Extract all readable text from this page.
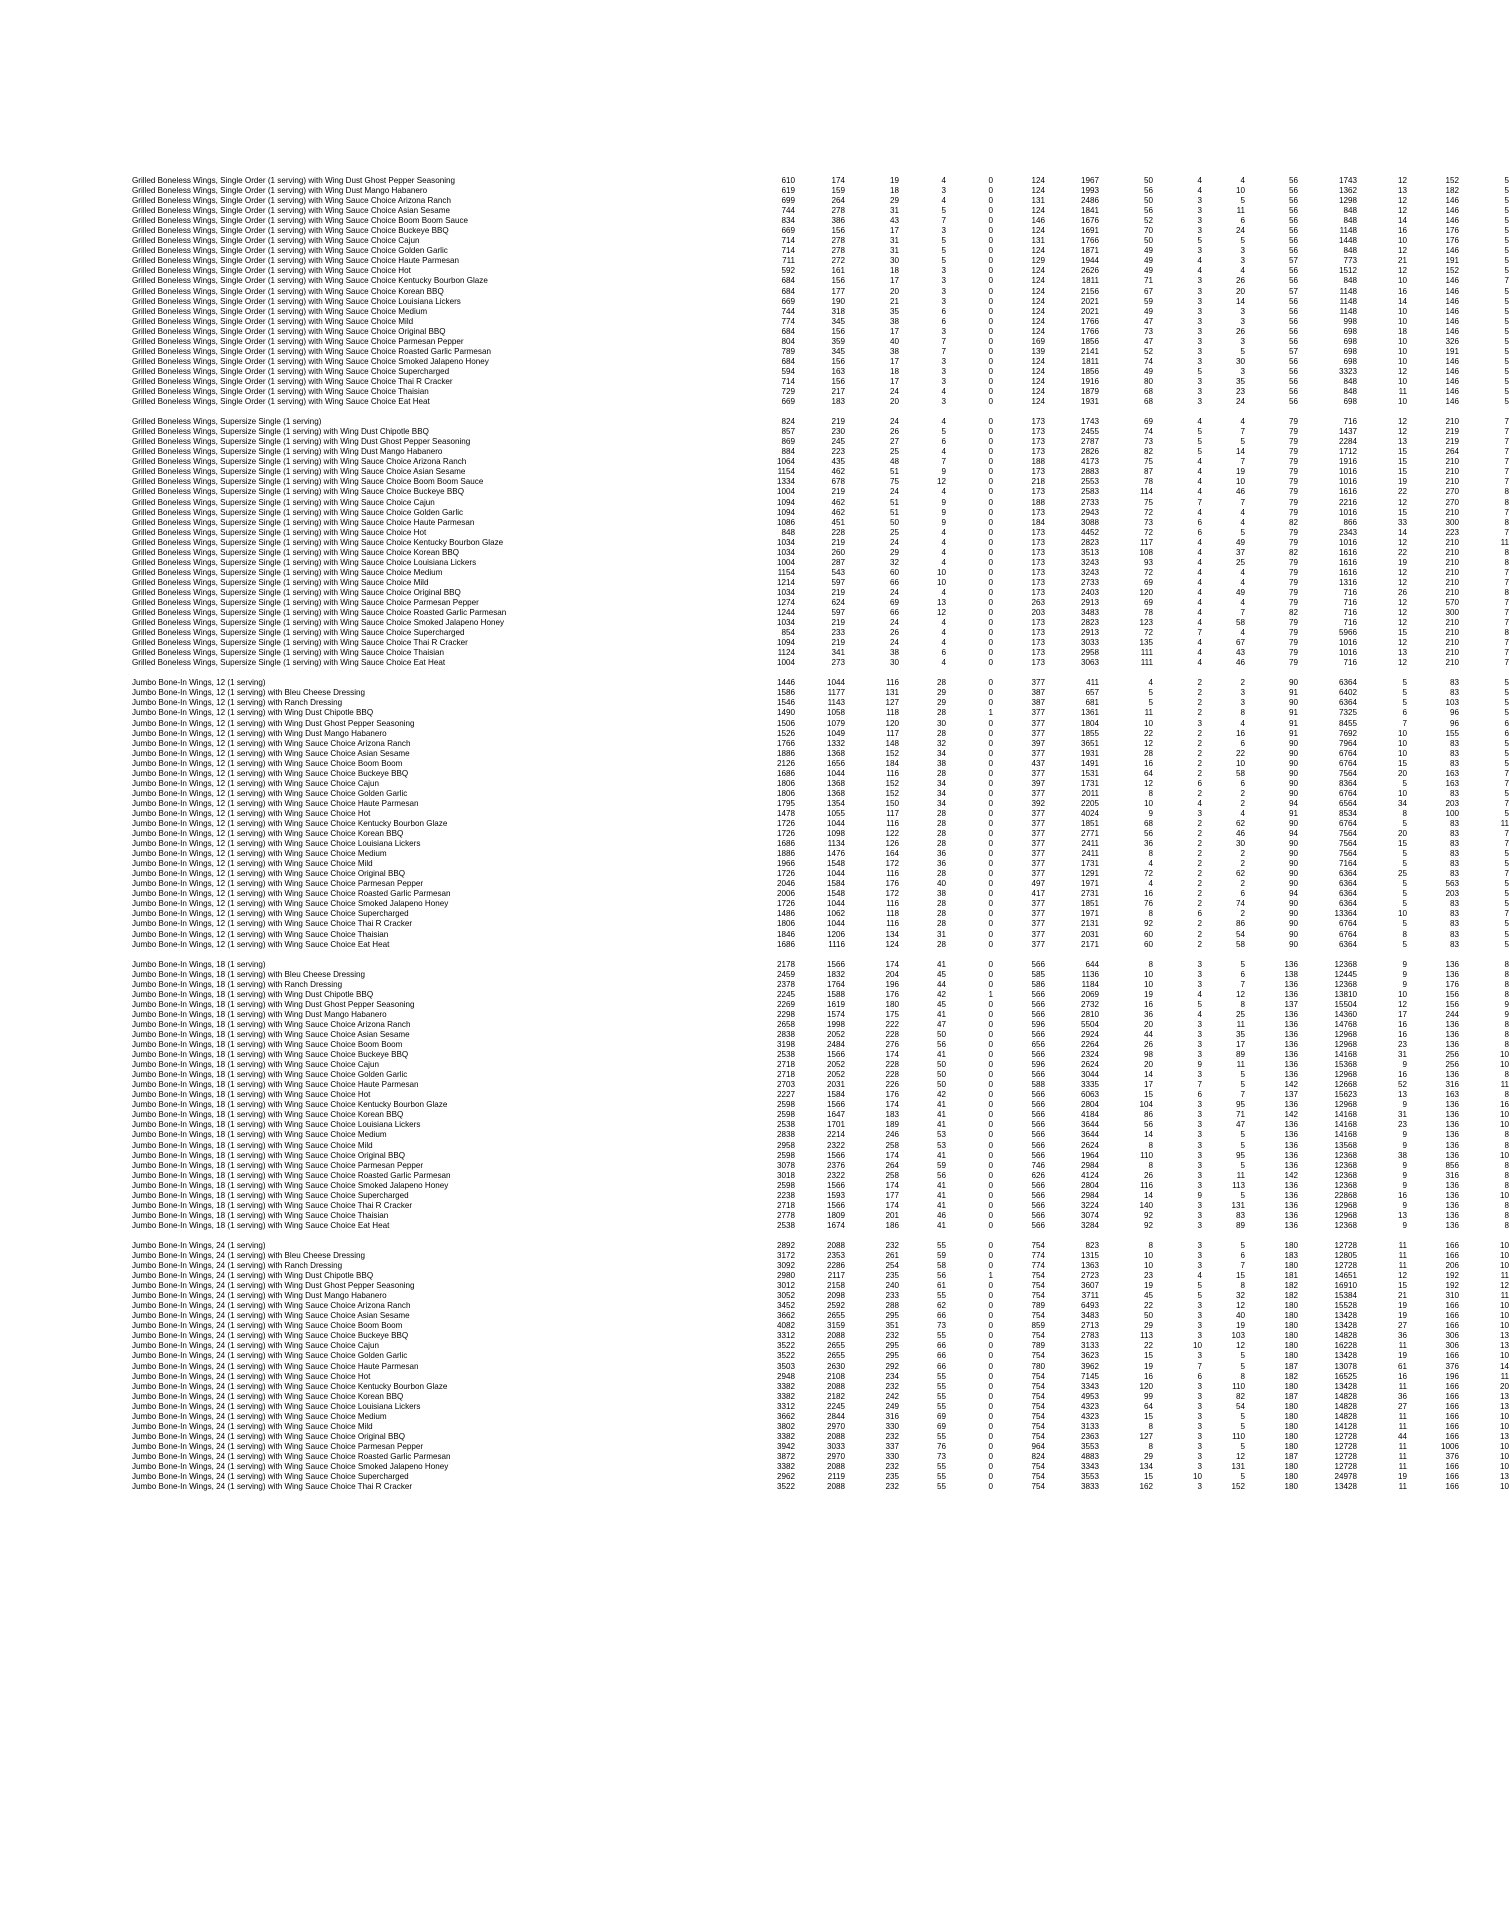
Grilled Boneless Wings, Single Order (1 serving) with Wing Dust Ghost Pepper Seasoning	610	174	19	4	0	124	1967	50	4	4	56	1743	12	152	5
Grilled Boneless Wings, Single Order (1 serving) with Wing Dust Mango Habanero	619	159	18	3	0	124	1993	56	4	10	56	1362	13	182	5
Grilled Boneless Wings, Single Order (1 serving) with Wing Sauce Choice Arizona Ranch	699	264	29	4	0	131	2486	50	3	5	56	1298	12	146	5
Grilled Boneless Wings, Single Order (1 serving) with Wing Sauce Choice Asian Sesame	744	278	31	5	0	124	1841	56	3	11	56	848	12	146	5
Grilled Boneless Wings, Single Order (1 serving) with Wing Sauce Choice Boom Boom Sauce	834	386	43	7	0	146	1676	52	3	6	56	848	14	146	5
Grilled Boneless Wings, Single Order (1 serving) with Wing Sauce Choice Buckeye BBQ	669	156	17	3	0	124	1691	70	3	24	56	1148	16	176	5
Grilled Boneless Wings, Single Order (1 serving) with Wing Sauce Choice Cajun	714	278	31	5	0	131	1766	50	5	5	56	1448	10	176	5
Grilled Boneless Wings, Single Order (1 serving) with Wing Sauce Choice Golden Garlic	714	278	31	5	0	124	1871	49	3	3	56	848	12	146	5
Grilled Boneless Wings, Single Order (1 serving) with Wing Sauce Choice Haute Parmesan	711	272	30	5	0	129	1944	49	4	3	57	773	21	191	5
Grilled Boneless Wings, Single Order (1 serving) with Wing Sauce Choice Hot	592	161	18	3	0	124	2626	49	4	4	56	1512	12	152	5
Grilled Boneless Wings, Single Order (1 serving) with Wing Sauce Choice Kentucky Bourbon Glaze	684	156	17	3	0	124	1811	71	3	26	56	848	10	146	7
Grilled Boneless Wings, Single Order (1 serving) with Wing Sauce Choice Korean BBQ	684	177	20	3	0	124	2156	67	3	20	57	1148	16	146	5
Grilled Boneless Wings, Single Order (1 serving) with Wing Sauce Choice Louisiana Lickers	669	190	21	3	0	124	2021	59	3	14	56	1148	14	146	5
Grilled Boneless Wings, Single Order (1 serving) with Wing Sauce Choice Medium	744	318	35	6	0	124	2021	49	3	3	56	1148	10	146	5
Grilled Boneless Wings, Single Order (1 serving) with Wing Sauce Choice Mild	774	345	38	6	0	124	1766	47	3	3	56	998	10	146	5
Grilled Boneless Wings, Single Order (1 serving) with Wing Sauce Choice Original BBQ	684	156	17	3	0	124	1766	73	3	26	56	698	18	146	5
Grilled Boneless Wings, Single Order (1 serving) with Wing Sauce Choice Parmesan Pepper	804	359	40	7	0	169	1856	47	3	3	56	698	10	326	5
Grilled Boneless Wings, Single Order (1 serving) with Wing Sauce Choice Roasted Garlic Parmesan	789	345	38	7	0	139	2141	52	3	5	57	698	10	191	5
Grilled Boneless Wings, Single Order (1 serving) with Wing Sauce Choice Smoked Jalapeno Honey	684	156	17	3	0	124	1811	74	3	30	56	698	10	146	5
Grilled Boneless Wings, Single Order (1 serving) with Wing Sauce Choice Supercharged	594	163	18	3	0	124	1856	49	5	3	56	3323	12	146	5
Grilled Boneless Wings, Single Order (1 serving) with Wing Sauce Choice Thai R Cracker	714	156	17	3	0	124	1916	80	3	35	56	848	10	146	5
Grilled Boneless Wings, Single Order (1 serving) with Wing Sauce Choice Thaisian	729	217	24	4	0	124	1879	68	3	23	56	848	11	146	5
Grilled Boneless Wings, Single Order (1 serving) with Wing Sauce Choice Eat Heat	669	183	20	3	0	124	1931	68	3	24	56	698	10	146	5
Grilled Boneless Wings, Supersize Single (1 serving)	824	219	24	4	0	173	1743	69	4	4	79	716	12	210	7
Grilled Boneless Wings, Supersize Single (1 serving) with Wing Dust Chipotle BBQ	857	230	26	5	0	173	2455	74	5	7	79	1437	12	219	7
Grilled Boneless Wings, Supersize Single (1 serving) with Wing Dust Ghost Pepper Seasoning	869	245	27	6	0	173	2787	73	5	5	79	2284	13	219	7
Grilled Boneless Wings, Supersize Single (1 serving) with Wing Dust Mango Habanero	884	223	25	4	0	173	2826	82	5	14	79	1712	15	264	7
Grilled Boneless Wings, Supersize Single (1 serving) with Wing Sauce Choice Arizona Ranch	1064	435	48	7	0	188	4173	75	4	7	79	1916	15	210	7
Grilled Boneless Wings, Supersize Single (1 serving) with Wing Sauce Choice Asian Sesame	1154	462	51	9	0	173	2883	87	4	19	79	1016	15	210	7
Grilled Boneless Wings, Supersize Single (1 serving) with Wing Sauce Choice Boom Boom Sauce	1334	678	75	12	0	218	2553	78	4	10	79	1016	19	210	7
Grilled Boneless Wings, Supersize Single (1 serving) with Wing Sauce Choice Buckeye BBQ	1004	219	24	4	0	173	2583	114	4	46	79	1616	22	270	8
Grilled Boneless Wings, Supersize Single (1 serving) with Wing Sauce Choice Cajun	1094	462	51	9	0	188	2733	75	7	7	79	2216	12	270	8
Grilled Boneless Wings, Supersize Single (1 serving) with Wing Sauce Choice Golden Garlic	1094	462	51	9	0	173	2943	72	4	4	79	1016	15	210	7
Grilled Boneless Wings, Supersize Single (1 serving) with Wing Sauce Choice Haute Parmesan	1086	451	50	9	0	184	3088	73	6	4	82	866	33	300	8
Grilled Boneless Wings, Supersize Single (1 serving) with Wing Sauce Choice Hot	848	228	25	4	0	173	4452	72	6	5	79	2343	14	223	7
Grilled Boneless Wings, Supersize Single (1 serving) with Wing Sauce Choice Kentucky Bourbon Glaze	1034	219	24	4	0	173	2823	117	4	49	79	1016	12	210	11
Grilled Boneless Wings, Supersize Single (1 serving) with Wing Sauce Choice Korean BBQ	1034	260	29	4	0	173	3513	108	4	37	82	1616	22	210	8
Grilled Boneless Wings, Supersize Single (1 serving) with Wing Sauce Choice Louisiana Lickers	1004	287	32	4	0	173	3243	93	4	25	79	1616	19	210	8
Grilled Boneless Wings, Supersize Single (1 serving) with Wing Sauce Choice Medium	1154	543	60	10	0	173	3243	72	4	4	79	1616	12	210	7
Grilled Boneless Wings, Supersize Single (1 serving) with Wing Sauce Choice Mild	1214	597	66	10	0	173	2733	69	4	4	79	1316	12	210	7
Grilled Boneless Wings, Supersize Single (1 serving) with Wing Sauce Choice Original BBQ	1034	219	24	4	0	173	2403	120	4	49	79	716	26	210	8
Grilled Boneless Wings, Supersize Single (1 serving) with Wing Sauce Choice Parmesan Pepper	1274	624	69	13	0	263	2913	69	4	4	79	716	12	570	7
Grilled Boneless Wings, Supersize Single (1 serving) with Wing Sauce Choice Roasted Garlic Parmesan	1244	597	66	12	0	203	3483	78	4	7	82	716	12	300	7
Grilled Boneless Wings, Supersize Single (1 serving) with Wing Sauce Choice Smoked Jalapeno Honey	1034	219	24	4	0	173	2823	123	4	58	79	716	12	210	7
Grilled Boneless Wings, Supersize Single (1 serving) with Wing Sauce Choice Supercharged	854	233	26	4	0	173	2913	72	7	4	79	5966	15	210	8
Grilled Boneless Wings, Supersize Single (1 serving) with Wing Sauce Choice Thai R Cracker	1094	219	24	4	0	173	3033	135	4	67	79	1016	12	210	7
Grilled Boneless Wings, Supersize Single (1 serving) with Wing Sauce Choice Thaisian	1124	341	38	6	0	173	2958	111	4	43	79	1016	13	210	7
Grilled Boneless Wings, Supersize Single (1 serving) with Wing Sauce Choice Eat Heat	1004	273	30	4	0	173	3063	111	4	46	79	716	12	210	7
Jumbo Bone-In Wings, 12 (1 serving)	1446	1044	116	28	0	377	411	4	2	2	90	6364	5	83	5
Jumbo Bone-In Wings, 12 (1 serving) with Bleu Cheese Dressing	1586	1177	131	29	0	387	657	5	2	3	91	6402	5	83	5
Jumbo Bone-In Wings, 12 (1 serving) with Ranch Dressing	1546	1143	127	29	0	387	681	5	2	3	90	6364	5	103	5
Jumbo Bone-In Wings, 12 (1 serving) with Wing Dust Chipotle BBQ	1490	1058	118	28	1	377	1361	11	2	8	91	7325	6	96	5
Jumbo Bone-In Wings, 12 (1 serving) with Wing Dust Ghost Pepper Seasoning	1506	1079	120	30	0	377	1804	10	3	4	91	8455	7	96	6
Jumbo Bone-In Wings, 12 (1 serving) with Wing Dust Mango Habanero	1526	1049	117	28	0	377	1855	22	2	16	91	7692	10	155	6
Jumbo Bone-In Wings, 12 (1 serving) with Wing Sauce Choice Arizona Ranch	1766	1332	148	32	0	397	3651	12	2	6	90	7964	10	83	5
Jumbo Bone-In Wings, 12 (1 serving) with Wing Sauce Choice Asian Sesame	1886	1368	152	34	0	377	1931	28	2	22	90	6764	10	83	5
Jumbo Bone-In Wings, 12 (1 serving) with Wing Sauce Choice Boom Boom	2126	1656	184	38	0	437	1491	16	2	10	90	6764	15	83	5
Jumbo Bone-In Wings, 12 (1 serving) with Wing Sauce Choice Buckeye BBQ	1686	1044	116	28	0	377	1531	64	2	58	90	7564	20	163	7
Jumbo Bone-In Wings, 12 (1 serving) with Wing Sauce Choice Cajun	1806	1368	152	34	0	397	1731	12	6	6	90	8364	5	163	7
Jumbo Bone-In Wings, 12 (1 serving) with Wing Sauce Choice Golden Garlic	1806	1368	152	34	0	377	2011	8	2	2	90	6764	10	83	5
Jumbo Bone-In Wings, 12 (1 serving) with Wing Sauce Choice Haute Parmesan	1795	1354	150	34	0	392	2205	10	4	2	94	6564	34	203	7
Jumbo Bone-In Wings, 12 (1 serving) with Wing Sauce Choice Hot	1478	1055	117	28	0	377	4024	9	3	4	91	8534	8	100	5
Jumbo Bone-In Wings, 12 (1 serving) with Wing Sauce Choice Kentucky Bourbon Glaze	1726	1044	116	28	0	377	1851	68	2	62	90	6764	5	83	11
Jumbo Bone-In Wings, 12 (1 serving) with Wing Sauce Choice Korean BBQ	1726	1098	122	28	0	377	2771	56	2	46	94	7564	20	83	7
Jumbo Bone-In Wings, 12 (1 serving) with Wing Sauce Choice Louisiana Lickers	1686	1134	126	28	0	377	2411	36	2	30	90	7564	15	83	7
Jumbo Bone-In Wings, 12 (1 serving) with Wing Sauce Choice Medium	1886	1476	164	36	0	377	2411	8	2	2	90	7564	5	83	5
Jumbo Bone-In Wings, 12 (1 serving) with Wing Sauce Choice Mild	1966	1548	172	36	0	377	1731	4	2	2	90	7164	5	83	5
Jumbo Bone-In Wings, 12 (1 serving) with Wing Sauce Choice Original BBQ	1726	1044	116	28	0	377	1291	72	2	62	90	6364	25	83	7
Jumbo Bone-In Wings, 12 (1 serving) with Wing Sauce Choice Parmesan Pepper	2046	1584	176	40	0	497	1971	4	2	2	90	6364	5	563	5
Jumbo Bone-In Wings, 12 (1 serving) with Wing Sauce Choice Roasted Garlic Parmesan	2006	1548	172	38	0	417	2731	16	2	6	94	6364	5	203	5
Jumbo Bone-In Wings, 12 (1 serving) with Wing Sauce Choice Smoked Jalapeno Honey	1726	1044	116	28	0	377	1851	76	2	74	90	6364	5	83	5
Jumbo Bone-In Wings, 12 (1 serving) with Wing Sauce Choice Supercharged	1486	1062	118	28	0	377	1971	8	6	2	90	13364	10	83	7
Jumbo Bone-In Wings, 12 (1 serving) with Wing Sauce Choice Thai R Cracker	1806	1044	116	28	0	377	2131	92	2	86	90	6764	5	83	5
Jumbo Bone-In Wings, 12 (1 serving) with Wing Sauce Choice Thaisian	1846	1206	134	31	0	377	2031	60	2	54	90	6764	8	83	5
Jumbo Bone-In Wings, 12 (1 serving) with Wing Sauce Choice Eat Heat	1686	1116	124	28	0	377	2171	60	2	58	90	6364	5	83	5
Jumbo Bone-In Wings, 18 (1 serving)	2178	1566	174	41	0	566	644	8	3	5	136	12368	9	136	8
Jumbo Bone-In Wings, 18 (1 serving) with Bleu Cheese Dressing	2459	1832	204	45	0	585	1136	10	3	6	138	12445	9	136	8
Jumbo Bone-In Wings, 18 (1 serving) with Ranch Dressing	2378	1764	196	44	0	586	1184	10	3	7	136	12368	9	176	8
Jumbo Bone-In Wings, 18 (1 serving) with Wing Dust Chipotle BBQ	2245	1588	176	42	1	566	2069	19	4	12	136	13810	10	156	8
Jumbo Bone-In Wings, 18 (1 serving) with Wing Dust Ghost Pepper Seasoning	2269	1619	180	45	0	566	2732	16	5	8	137	15504	12	156	9
Jumbo Bone-In Wings, 18 (1 serving) with Wing Dust Mango Habanero	2298	1574	175	41	0	566	2810	36	4	25	136	14360	17	244	9
Jumbo Bone-In Wings, 18 (1 serving) with Wing Sauce Choice Arizona Ranch	2658	1998	222	47	0	596	5504	20	3	11	136	14768	16	136	8
Jumbo Bone-In Wings, 18 (1 serving) with Wing Sauce Choice Asian Sesame	2838	2052	228	50	0	566	2924	44	3	35	136	12968	16	136	8
Jumbo Bone-In Wings, 18 (1 serving) with Wing Sauce Choice Boom Boom	3198	2484	276	56	0	656	2264	26	3	17	136	12968	23	136	8
Jumbo Bone-In Wings, 18 (1 serving) with Wing Sauce Choice Buckeye BBQ	2538	1566	174	41	0	566	2324	98	3	89	136	14168	31	256	10
Jumbo Bone-In Wings, 18 (1 serving) with Wing Sauce Choice Cajun	2718	2052	228	50	0	596	2624	20	9	11	136	15368	9	256	10
Jumbo Bone-In Wings, 18 (1 serving) with Wing Sauce Choice Golden Garlic	2718	2052	228	50	0	566	3044	14	3	5	136	12968	16	136	8
Jumbo Bone-In Wings, 18 (1 serving) with Wing Sauce Choice Haute Parmesan	2703	2031	226	50	0	588	3335	17	7	5	142	12668	52	316	11
Jumbo Bone-In Wings, 18 (1 serving) with Wing Sauce Choice Hot	2227	1584	176	42	0	566	6063	15	6	7	137	15623	13	163	8
Jumbo Bone-In Wings, 18 (1 serving) with Wing Sauce Choice Kentucky Bourbon Glaze	2598	1566	174	41	0	566	2804	104	3	95	136	12968	9	136	16
Jumbo Bone-In Wings, 18 (1 serving) with Wing Sauce Choice Korean BBQ	2598	1647	183	41	0	566	4184	86	3	71	142	14168	31	136	10
Jumbo Bone-In Wings, 18 (1 serving) with Wing Sauce Choice Louisiana Lickers	2538	1701	189	41	0	566	3644	56	3	47	136	14168	23	136	10
Jumbo Bone-In Wings, 18 (1 serving) with Wing Sauce Choice Medium	2838	2214	246	53	0	566	3644	14	3	5	136	14168	9	136	8
Jumbo Bone-In Wings, 18 (1 serving) with Wing Sauce Choice Mild	2958	2322	258	53	0	566	2624	8	3	5	136	13568	9	136	8
Jumbo Bone-In Wings, 18 (1 serving) with Wing Sauce Choice Original BBQ	2598	1566	174	41	0	566	1964	110	3	95	136	12368	38	136	10
Jumbo Bone-In Wings, 18 (1 serving) with Wing Sauce Choice Parmesan Pepper	3078	2376	264	59	0	746	2984	8	3	5	136	12368	9	856	8
Jumbo Bone-In Wings, 18 (1 serving) with Wing Sauce Choice Roasted Garlic Parmesan	3018	2322	258	56	0	626	4124	26	3	11	142	12368	9	316	8
Jumbo Bone-In Wings, 18 (1 serving) with Wing Sauce Choice Smoked Jalapeno Honey	2598	1566	174	41	0	566	2804	116	3	113	136	12368	9	136	8
Jumbo Bone-In Wings, 18 (1 serving) with Wing Sauce Choice Supercharged	2238	1593	177	41	0	566	2984	14	9	5	136	22868	16	136	10
Jumbo Bone-In Wings, 18 (1 serving) with Wing Sauce Choice Thai R Cracker	2718	1566	174	41	0	566	3224	140	3	131	136	12968	9	136	8
Jumbo Bone-In Wings, 18 (1 serving) with Wing Sauce Choice Thaisian	2778	1809	201	46	0	566	3074	92	3	83	136	12968	13	136	8
Jumbo Bone-In Wings, 18 (1 serving) with Wing Sauce Choice Eat Heat	2538	1674	186	41	0	566	3284	92	3	89	136	12368	9	136	8
Jumbo Bone-In Wings, 24 (1 serving)	2892	2088	232	55	0	754	823	8	3	5	180	12728	11	166	10
Jumbo Bone-In Wings, 24 (1 serving) with Bleu Cheese Dressing	3172	2353	261	59	0	774	1315	10	3	6	183	12805	11	166	10
Jumbo Bone-In Wings, 24 (1 serving) with Ranch Dressing	3092	2286	254	58	0	774	1363	10	3	7	180	12728	11	206	10
Jumbo Bone-In Wings, 24 (1 serving) with Wing Dust Chipotle BBQ	2980	2117	235	56	1	754	2723	23	4	15	181	14651	12	192	11
Jumbo Bone-In Wings, 24 (1 serving) with Wing Dust Ghost Pepper Seasoning	3012	2158	240	61	0	754	3607	19	5	8	182	16910	15	192	12
Jumbo Bone-In Wings, 24 (1 serving) with Wing Dust Mango Habanero	3052	2098	233	55	0	754	3711	45	5	32	182	15384	21	310	11
Jumbo Bone-In Wings, 24 (1 serving) with Wing Sauce Choice Arizona Ranch	3452	2592	288	62	0	789	6493	22	3	12	180	15528	19	166	10
Jumbo Bone-In Wings, 24 (1 serving) with Wing Sauce Choice Asian Sesame	3662	2655	295	66	0	754	3483	50	3	40	180	13428	19	166	10
Jumbo Bone-In Wings, 24 (1 serving) with Wing Sauce Choice Boom Boom	4082	3159	351	73	0	859	2713	29	3	19	180	13428	27	166	10
Jumbo Bone-In Wings, 24 (1 serving) with Wing Sauce Choice Buckeye BBQ	3312	2088	232	55	0	754	2783	113	3	103	180	14828	36	306	13
Jumbo Bone-In Wings, 24 (1 serving) with Wing Sauce Choice Cajun	3522	2655	295	66	0	789	3133	22	10	12	180	16228	11	306	13
Jumbo Bone-In Wings, 24 (1 serving) with Wing Sauce Choice Golden Garlic	3522	2655	295	66	0	754	3623	15	3	5	180	13428	19	166	10
Jumbo Bone-In Wings, 24 (1 serving) with Wing Sauce Choice Haute Parmesan	3503	2630	292	66	0	780	3962	19	7	5	187	13078	61	376	14
Jumbo Bone-In Wings, 24 (1 serving) with Wing Sauce Choice Hot	2948	2108	234	55	0	754	7145	16	6	8	182	16525	16	196	11
Jumbo Bone-In Wings, 24 (1 serving) with Wing Sauce Choice Kentucky Bourbon Glaze	3382	2088	232	55	0	754	3343	120	3	110	180	13428	11	166	20
Jumbo Bone-In Wings, 24 (1 serving) with Wing Sauce Choice Korean BBQ	3382	2182	242	55	0	754	4953	99	3	82	187	14828	36	166	13
Jumbo Bone-In Wings, 24 (1 serving) with Wing Sauce Choice Louisiana Lickers	3312	2245	249	55	0	754	4323	64	3	54	180	14828	27	166	13
Jumbo Bone-In Wings, 24 (1 serving) with Wing Sauce Choice Medium	3662	2844	316	69	0	754	4323	15	3	5	180	14828	11	166	10
Jumbo Bone-In Wings, 24 (1 serving) with Wing Sauce Choice Mild	3802	2970	330	69	0	754	3133	8	3	5	180	14128	11	166	10
Jumbo Bone-In Wings, 24 (1 serving) with Wing Sauce Choice Original BBQ	3382	2088	232	55	0	754	2363	127	3	110	180	12728	44	166	13
Jumbo Bone-In Wings, 24 (1 serving) with Wing Sauce Choice Parmesan Pepper	3942	3033	337	76	0	964	3553	8	3	5	180	12728	11	1006	10
Jumbo Bone-In Wings, 24 (1 serving) with Wing Sauce Choice Roasted Garlic Parmesan	3872	2970	330	73	0	824	4883	29	3	12	187	12728	11	376	10
Jumbo Bone-In Wings, 24 (1 serving) with Wing Sauce Choice Smoked Jalapeno Honey	3382	2088	232	55	0	754	3343	134	3	131	180	12728	11	166	10
Jumbo Bone-In Wings, 24 (1 serving) with Wing Sauce Choice Supercharged	2962	2119	235	55	0	754	3553	15	10	5	180	24978	19	166	13
Jumbo Bone-In Wings, 24 (1 serving) with Wing Sauce Choice Thai R Cracker	3522	2088	232	55	0	754	3833	162	3	152	180	13428	11	166	10
